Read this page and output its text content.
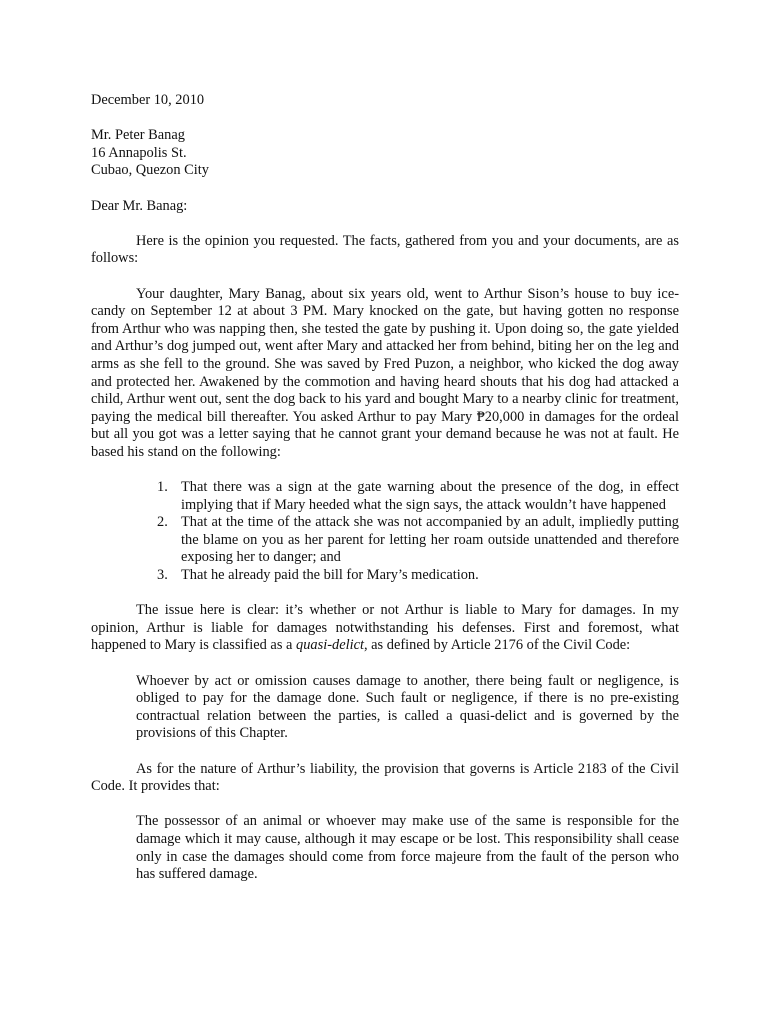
December 10, 2010

Mr. Peter Banag

16 Annapolis St.

Cubao, Quezon City

Dear Mr. Banag:

Here is the opinion you requested. The facts, gathered from you and your documents, are as follows:

Your daughter, Mary Banag, about six years old, went to Arthur Sison’s house to buy ice-candy on September 12 at about 3 PM. Mary knocked on the gate, but having gotten no response from Arthur who was napping then, she tested the gate by pushing it. Upon doing so, the gate yielded and Arthur’s dog jumped out, went after Mary and attacked her from behind, biting her on the leg and arms as she fell to the ground. She was saved by Fred Puzon, a neighbor, who kicked the dog away and protected her. Awakened by the commotion and having heard shouts that his dog had attacked a child, Arthur went out, sent the dog back to his yard and bought Mary to a nearby clinic for treatment, paying the medical bill thereafter. You asked Arthur to pay Mary ₱20,000 in damages for the ordeal but all you got was a letter saying that he cannot grant your demand because he was not at fault. He based his stand on the following:

1. That there was a sign at the gate warning about the presence of the dog, in effect implying that if Mary heeded what the sign says, the attack wouldn’t have happened
2. That at the time of the attack she was not accompanied by an adult, impliedly putting the blame on you as her parent for letting her roam outside unattended and therefore exposing her to danger; and
3. That he already paid the bill for Mary’s medication.

The issue here is clear: it’s whether or not Arthur is liable to Mary for damages. In my opinion, Arthur is liable for damages notwithstanding his defenses. First and foremost, what happened to Mary is classified as a quasi-delict, as defined by Article 2176 of the Civil Code:

Whoever by act or omission causes damage to another, there being fault or negligence, is obliged to pay for the damage done. Such fault or negligence, if there is no pre-existing contractual relation between the parties, is called a quasi-delict and is governed by the provisions of this Chapter.

As for the nature of Arthur’s liability, the provision that governs is Article 2183 of the Civil Code. It provides that:

The possessor of an animal or whoever may make use of the same is responsible for the damage which it may cause, although it may escape or be lost. This responsibility shall cease only in case the damages should come from force majeure from the fault of the person who has suffered damage.
